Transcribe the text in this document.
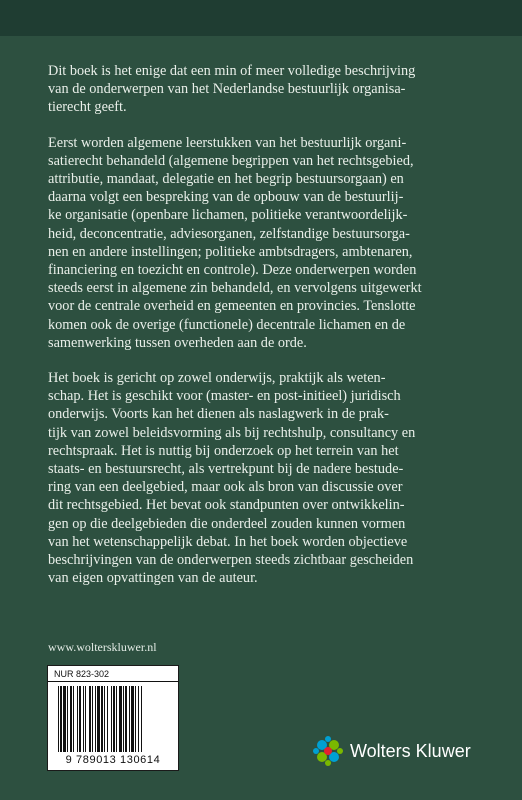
Dit boek is het enige dat een min of meer volledige beschrijving
van de onderwerpen van het Nederlandse bestuurlijk organisa-
tierecht geeft.
Eerst worden algemene leerstukken van het bestuurlijk organi-
satierecht behandeld (algemene begrippen van het rechtsgebied,
attributie, mandaat, delegatie en het begrip bestuursorgaan) en
daarna volgt een bespreking van de opbouw van de bestuurlij-
ke organisatie (openbare lichamen, politieke verantwoordelijk-
heid, deconcentratie, adviesorganen, zelfstandige bestuursorga-
nen en andere instellingen; politieke ambtsdragers, ambtenaren,
financiering en toezicht en controle). Deze onderwerpen worden
steeds eerst in algemene zin behandeld, en vervolgens uitgewerkt
voor de centrale overheid en gemeenten en provincies. Tenslotte
komen ook de overige (functionele) decentrale lichamen en de
samenwerking tussen overheden aan de orde.
Het boek is gericht op zowel onderwijs, praktijk als weten-
schap. Het is geschikt voor (master- en post-initieel) juridisch
onderwijs. Voorts kan het dienen als naslagwerk in de prak-
tijk van zowel beleidsvorming als bij rechtshulp, consultancy en
rechtspraak. Het is nuttig bij onderzoek op het terrein van het
staats- en bestuursrecht, als vertrekpunt bij de nadere bestude-
ring van een deelgebied, maar ook als bron van discussie over
dit rechtsgebied. Het bevat ook standpunten over ontwikkelin-
gen op die deelgebieden die onderdeel zouden kunnen vormen
van het wetenschappelijk debat. In het boek worden objectieve
beschrijvingen van de onderwerpen steeds zichtbaar gescheiden
van eigen opvattingen van de auteur.
www.wolterskluwer.nl
NUR 823-302
9 789013 130614	Wolters Kluwer
